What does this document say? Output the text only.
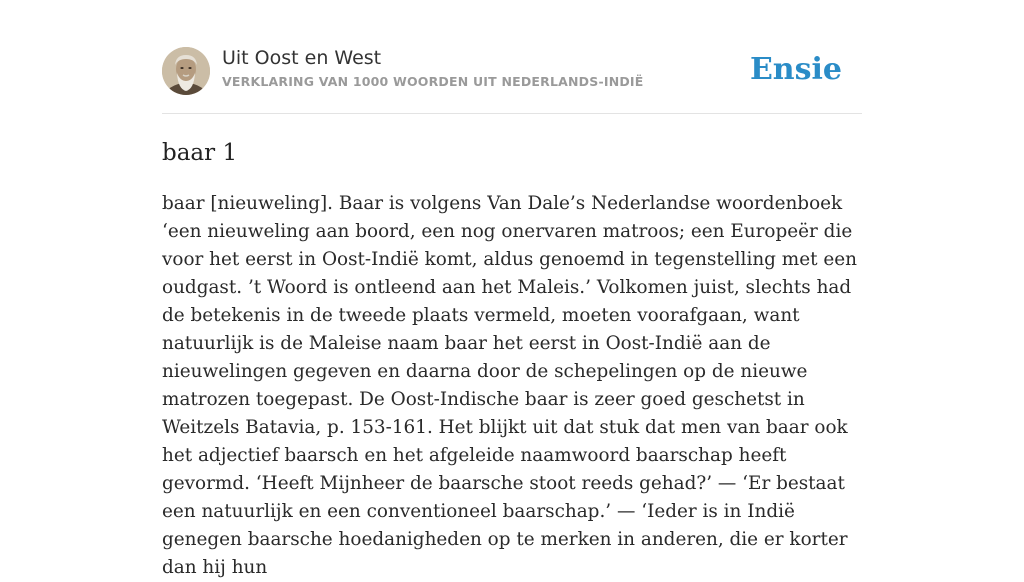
Uit Oost en West
VERKLARING VAN 1000 WOORDEN UIT NEDERLANDS-INDIË	Ensie
baar 1

baar [nieuweling]. Baar is volgens Van Dale’s Nederlandse woordenboek ‘een nieuweling aan boord, een nog onervaren matroos; een Europeër die voor het eerst in Oost-Indië komt, aldus genoemd in tegenstelling met een oudgast. ’t Woord is ontleend aan het Maleis.’ Volkomen juist, slechts had de betekenis in de tweede plaats vermeld, moeten voorafgaan, want natuurlijk is de Maleise naam baar het eerst in Oost-Indië aan de nieuwelingen gegeven en daarna door de schepelingen op de nieuwe matrozen toegepast. De Oost-Indische baar is zeer goed geschetst in Weitzels Batavia, p. 153-161. Het blijkt uit dat stuk dat men van baar ook het adjectief baarsch en het afgeleide naamwoord baarschap heeft gevormd. ‘Heeft Mijnheer de baarsche stoot reeds gehad?’ — ‘Er bestaat een natuurlijk en een conventioneel baarschap.’ — ‘Ieder is in Indië genegen baarsche hoedanigheden op te merken in anderen, die er korter dan hij hun
